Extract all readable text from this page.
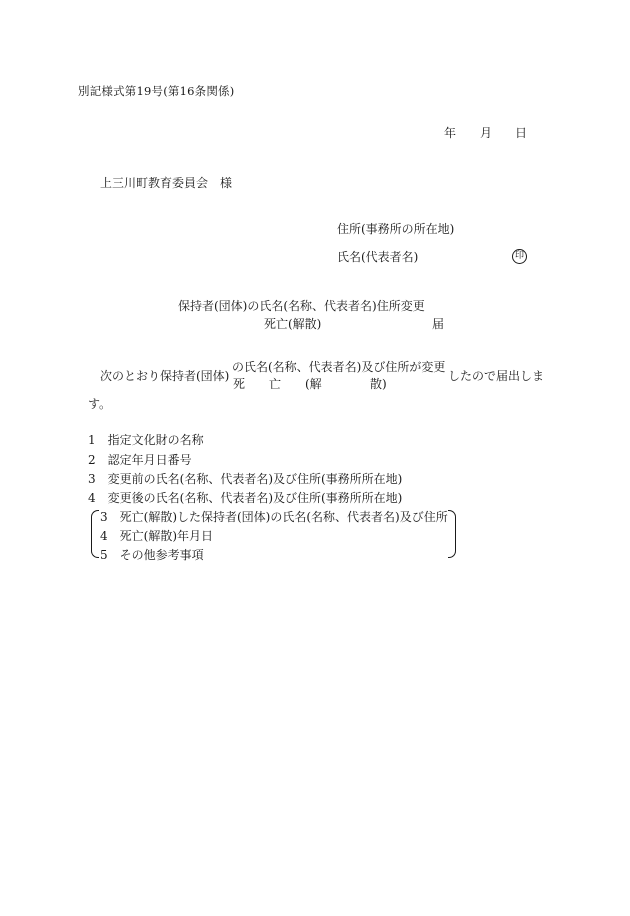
別記様式第19号(第16条関係)
年 月 日
上三川町教育委員会　様
住所(事務所の所在地)
氏名(代表者名)	印
保持者(団体)の氏名(名称、代表者名)住所変更
死亡(解散)	届
次のとおり保持者(団体)
の氏名(名称、代表者名)及び住所が変更
死 亡 (解	散)
したので届出しま
す。
1　指定文化財の名称
2　認定年月日番号
3　変更前の氏名(名称、代表者名)及び住所(事務所所在地)
4　変更後の氏名(名称、代表者名)及び住所(事務所所在地)
3　死亡(解散)した保持者(団体)の氏名(名称、代表者名)及び住所
4　死亡(解散)年月日
5　その他参考事項
